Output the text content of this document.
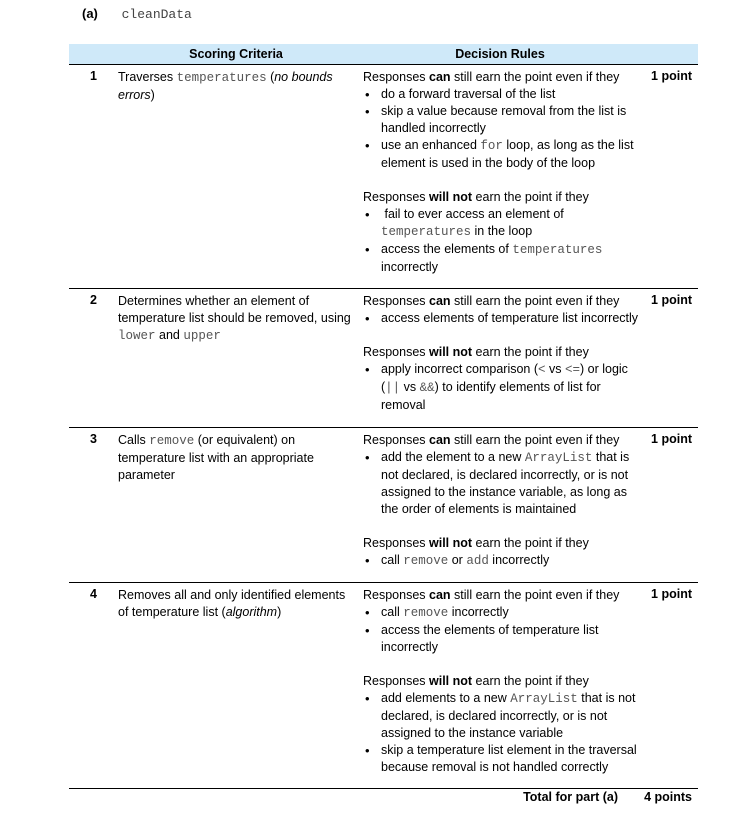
(a) cleanData
Scoring Criteria	Decision Rules
1	Traverses temperatures (no bounds errors)
Responses can still earn the point even if they
• do a forward traversal of the list
• skip a value because removal from the list is handled incorrectly
• use an enhanced for loop, as long as the list element is used in the body of the loop
Responses will not earn the point if they
• fail to ever access an element of temperatures in the loop
• access the elements of temperatures incorrectly
1 point
2	Determines whether an element of temperature list should be removed, using lower and upper
Responses can still earn the point even if they
• access elements of temperature list incorrectly
Responses will not earn the point if they
• apply incorrect comparison (< vs <=) or logic (|| vs &&) to identify elements of list for removal
1 point
3	Calls remove (or equivalent) on temperature list with an appropriate parameter
Responses can still earn the point even if they
• add the element to a new ArrayList that is not declared, is declared incorrectly, or is not assigned to the instance variable, as long as the order of elements is maintained
Responses will not earn the point if they
• call remove or add incorrectly
1 point
4	Removes all and only identified elements of temperature list (algorithm)
Responses can still earn the point even if they
• call remove incorrectly
• access the elements of temperature list incorrectly
Responses will not earn the point if they
• add elements to a new ArrayList that is not declared, is declared incorrectly, or is not assigned to the instance variable
• skip a temperature list element in the traversal because removal is not handled correctly
1 point
Total for part (a)	4 points
